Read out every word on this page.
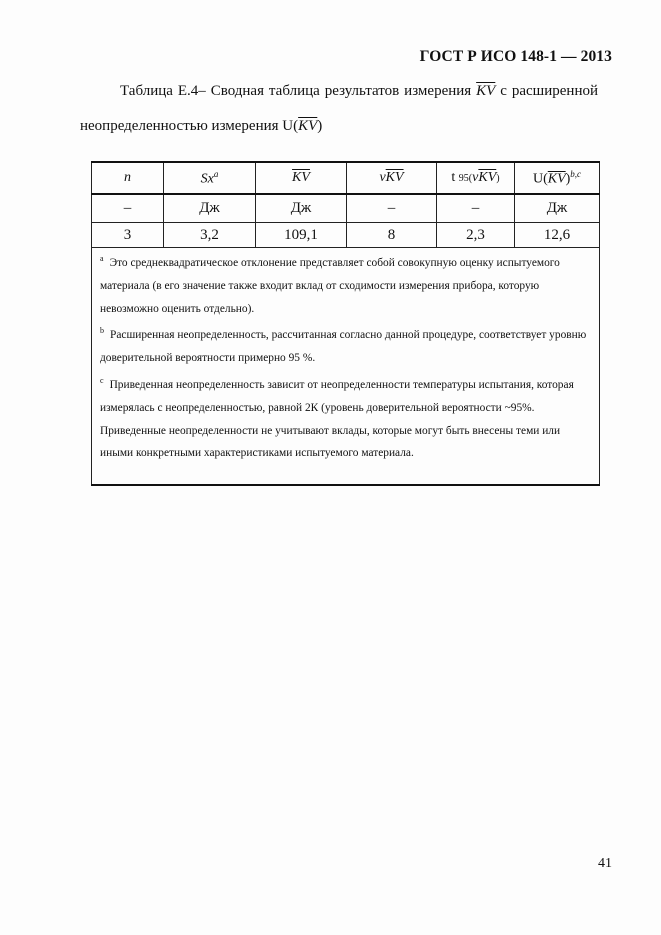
ГОСТ Р ИСО 148-1 — 2013
Таблица Е.4– Сводная таблица результатов измерения $\overline{KV}$ с расширенной
неопределенностью измерения $U(\overline{KV})$
n	Sx$^a$	$\overline{KV}$	$\nu\overline{KV}$	t $95(\nu\overline{KV})$	$U(\overline{KV})^{b,c}$
–	Дж	Дж	–	–	Дж
3	3,2	109,1	8	2,3	12,6

$^a$ Это среднеквадратическое отклонение представляет собой совокупную оценку испытуемого материала (в его значение также входит вклад от сходимости измерения прибора, которую невозможно оценить отдельно).

$^b$ Расширенная неопределенность, рассчитанная согласно данной процедуре, соответствует уровню доверительной вероятности примерно 95 %.

$^c$ Приведенная неопределенность зависит от неопределенности температуры испытания, которая измерялась с неопределенностью, равной 2К (уровень доверительной вероятности ~95%. Приведенные неопределенности не учитывают вклады, которые могут быть внесены теми или иными конкретными характеристиками испытуемого материала.					

41
